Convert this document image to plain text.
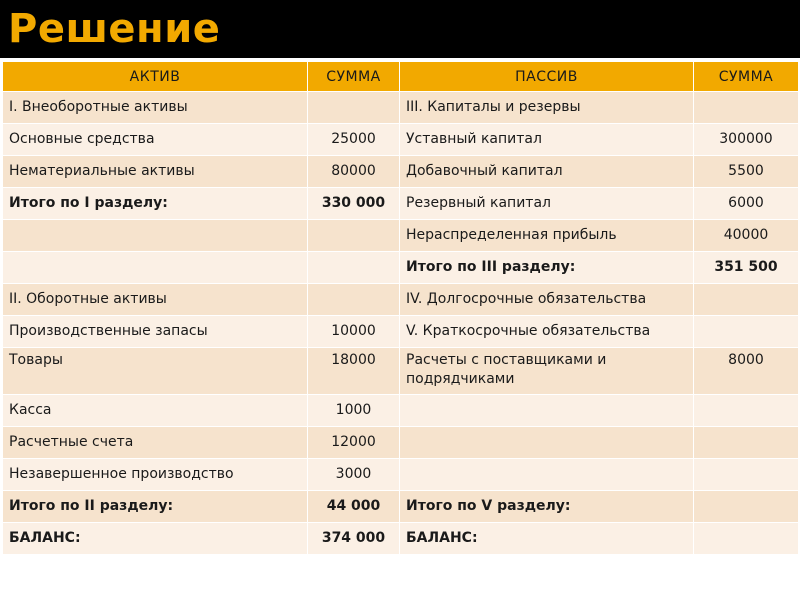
Решение
АКТИВ	СУММА	ПАССИВ	СУММА
I. Внеоборотные активы		III. Капиталы и резервы	
Основные средства	25000	Уставный капитал	300000
Нематериальные активы	80000	Добавочный капитал	5500
Итого по I разделу:	330 000	Резервный капитал	6000
		Нераспределенная прибыль	40000
		Итого по III разделу:	351 500
II. Оборотные активы		IV. Долгосрочные обязательства	
Производственные запасы	10000	V. Краткосрочные обязательства	
Товары	18000	Расчеты с поставщиками и подрядчиками	8000
Касса	1000		
Расчетные счета	12000		
Незавершенное производство	3000		
Итого по II разделу:	44 000	Итого по V разделу:	
БАЛАНС:	374 000	БАЛАНС:	
